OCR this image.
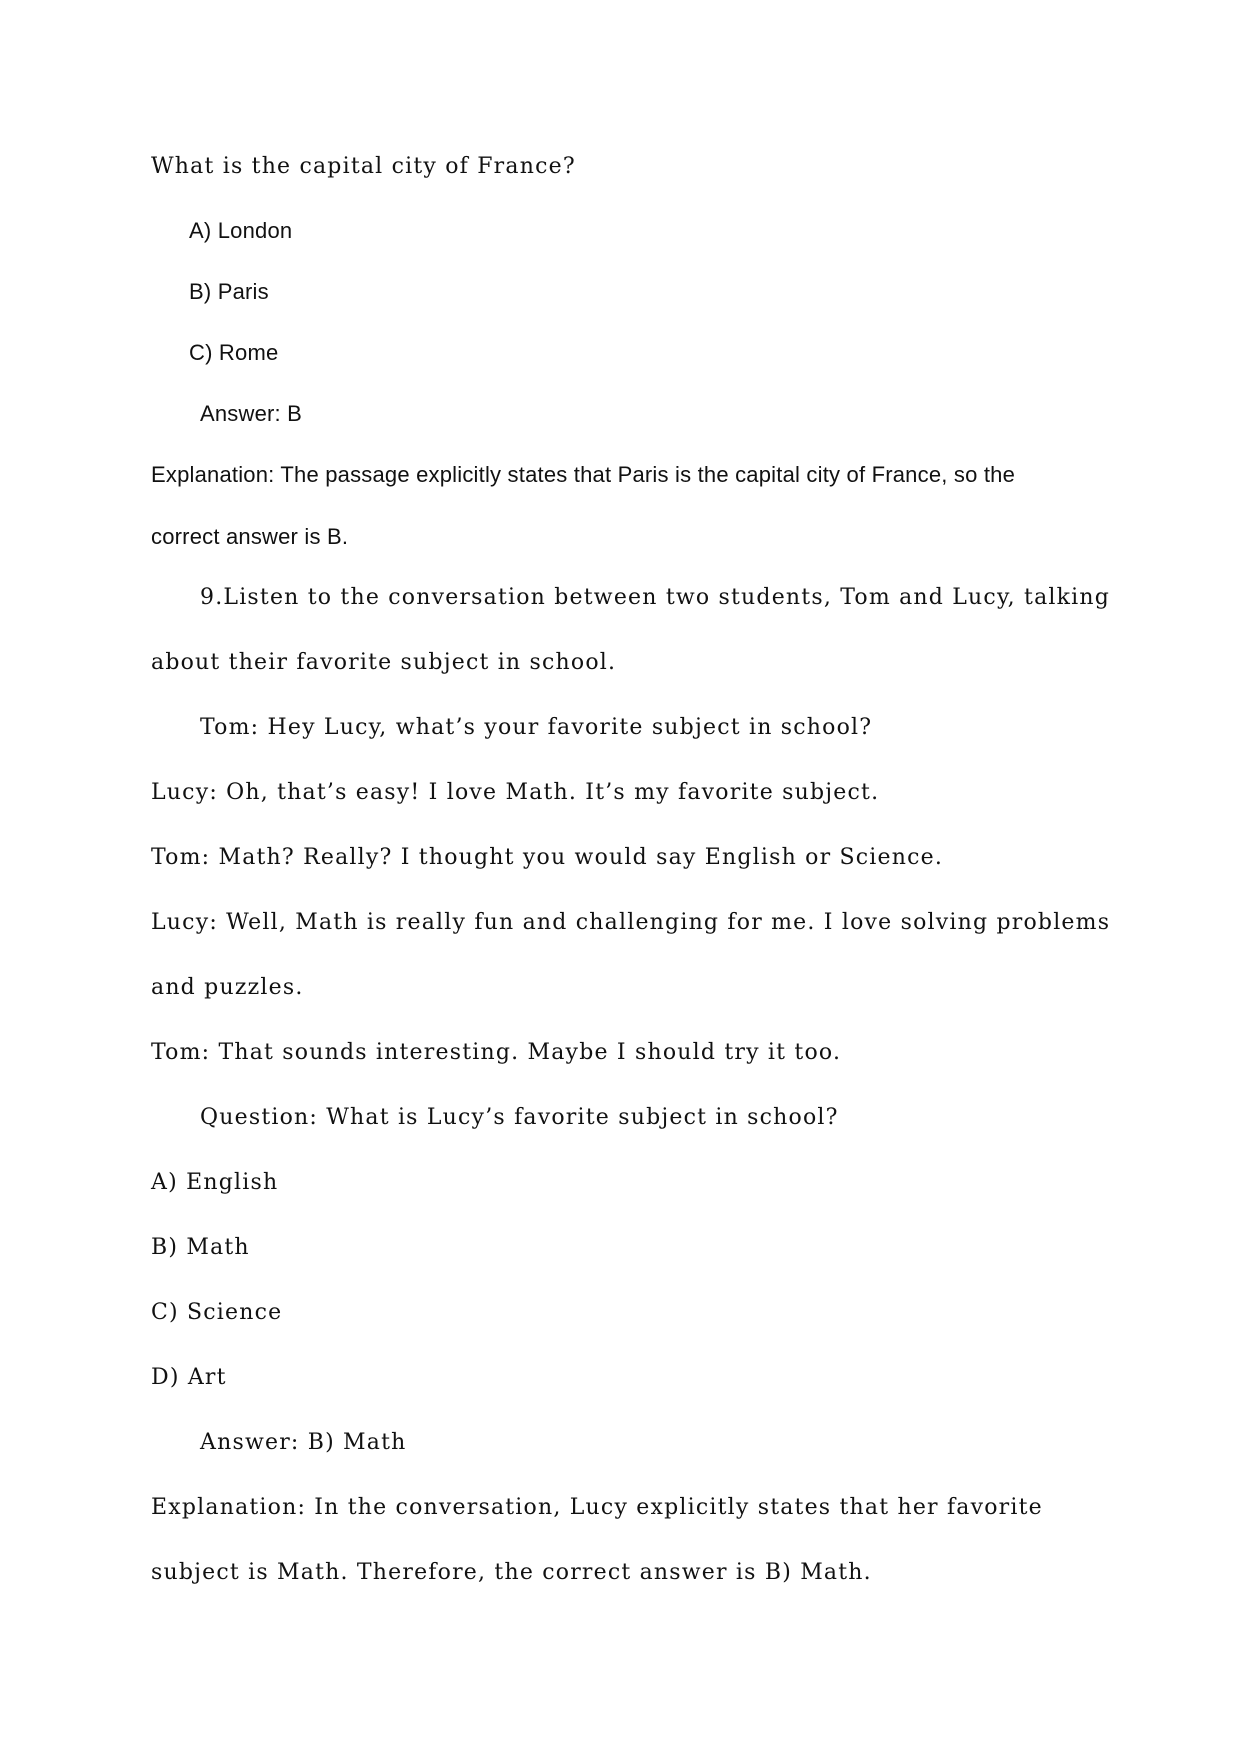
What is the capital city of France?

A) London

B) Paris

C) Rome

Answer: B

Explanation: The passage explicitly states that Paris is the capital city of France, so the

correct answer is B.

9.Listen to the conversation between two students, Tom and Lucy, talking

about their favorite subject in school.

Tom: Hey Lucy, what’s your favorite subject in school?

Lucy: Oh, that’s easy! I love Math. It’s my favorite subject.

Tom: Math? Really? I thought you would say English or Science.

Lucy: Well, Math is really fun and challenging for me. I love solving problems

and puzzles.

Tom: That sounds interesting. Maybe I should try it too.

Question: What is Lucy’s favorite subject in school?

A) English

B) Math

C) Science

D) Art

Answer: B) Math

Explanation: In the conversation, Lucy explicitly states that her favorite

subject is Math. Therefore, the correct answer is B) Math.
